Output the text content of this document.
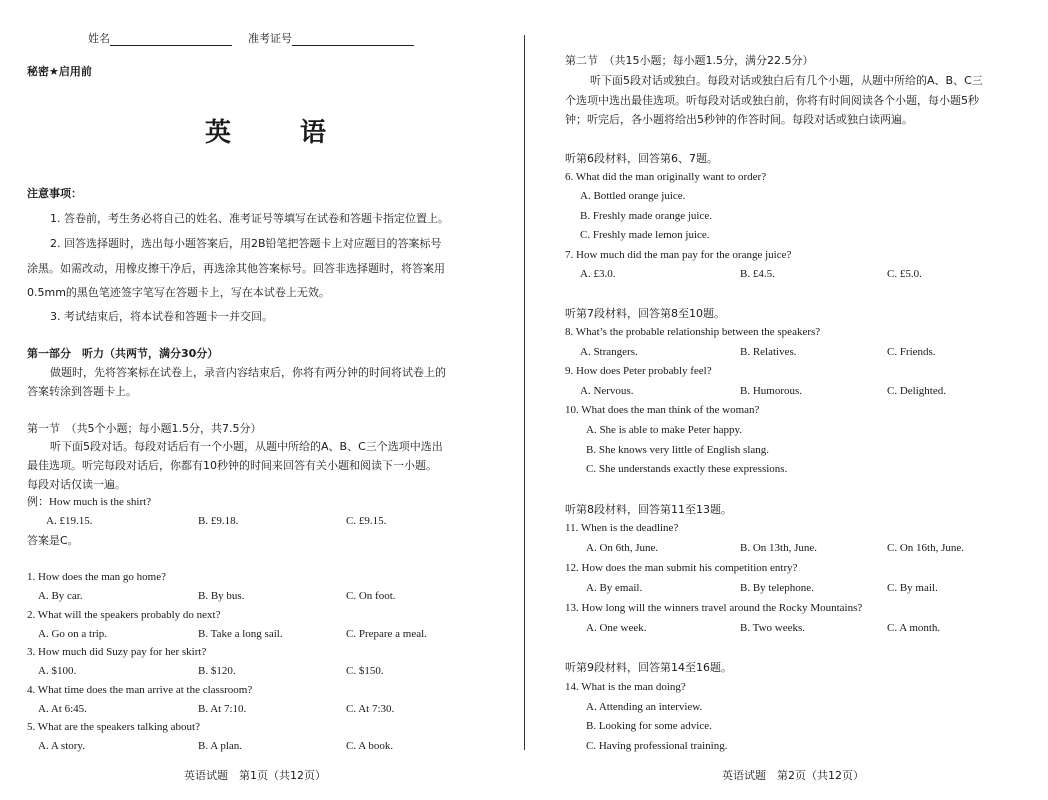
姓名	准考证号
秘密★启用前
英 语
注意事项：
1. 答卷前，考生务必将自己的姓名、准考证号等填写在试卷和答题卡指定位置上。
2. 回答选择题时，选出每小题答案后，用2B铅笔把答题卡上对应题目的答案标号
涂黑。如需改动，用橡皮擦干净后，再选涂其他答案标号。回答非选择题时，将答案用
0.5mm的黑色笔迹签字笔写在答题卡上，写在本试卷上无效。
3. 考试结束后，将本试卷和答题卡一并交回。
第一部分　听力（共两节，满分30分）
做题时，先将答案标在试卷上，录音内容结束后，你将有两分钟的时间将试卷上的
答案转涂到答题卡上。
第一节　（共5个小题；每小题1.5分，共7.5分）
听下面5段对话。每段对话后有一个小题，从题中所给的A、B、C三个选项中选出
最佳选项。听完每段对话后，你都有10秒钟的时间来回答有关小题和阅读下一小题。
每段对话仅读一遍。
例：How much is the shirt?
A. £19.15.	B. £9.18.	C. £9.15.
答案是C。
1. How does the man go home?
A. By car.	B. By bus.	C. On foot.
2. What will the speakers probably do next?
A. Go on a trip.	B. Take a long sail.	C. Prepare a meal.
3. How much did Suzy pay for her skirt?
A. $100.	B. $120.	C. $150.
4. What time does the man arrive at the classroom?
A. At 6:45.	B. At 7:10.	C. At 7:30.
5. What are the speakers talking about?
A. A story.	B. A plan.	C. A book.
英语试题　第1页（共12页）
第二节　（共15小题；每小题1.5分，满分22.5分）
听下面5段对话或独白。每段对话或独白后有几个小题，从题中所给的A、B、C三
个选项中选出最佳选项。听每段对话或独白前，你将有时间阅读各个小题，每小题5秒
钟；听完后，各小题将给出5秒钟的作答时间。每段对话或独白读两遍。
听第6段材料，回答第6、7题。
6. What did the man originally want to order?
A. Bottled orange juice.
B. Freshly made orange juice.
C. Freshly made lemon juice.
7. How much did the man pay for the orange juice?
A. £3.0.	B. £4.5.	C. £5.0.
听第7段材料，回答第8至10题。
8. What’s the probable relationship between the speakers?
A. Strangers.	B. Relatives.	C. Friends.
9. How does Peter probably feel?
A. Nervous.	B. Humorous.	C. Delighted.
10. What does the man think of the woman?
A. She is able to make Peter happy.
B. She knows very little of English slang.
C. She understands exactly these expressions.
听第8段材料，回答第11至13题。
11. When is the deadline?
A. On 6th, June.	B. On 13th, June.	C. On 16th, June.
12. How does the man submit his competition entry?
A. By email.	B. By telephone.	C. By mail.
13. How long will the winners travel around the Rocky Mountains?
A. One week.	B. Two weeks.	C. A month.
听第9段材料，回答第14至16题。
14. What is the man doing?
A. Attending an interview.
B. Looking for some advice.
C. Having professional training.
英语试题　第2页（共12页）
